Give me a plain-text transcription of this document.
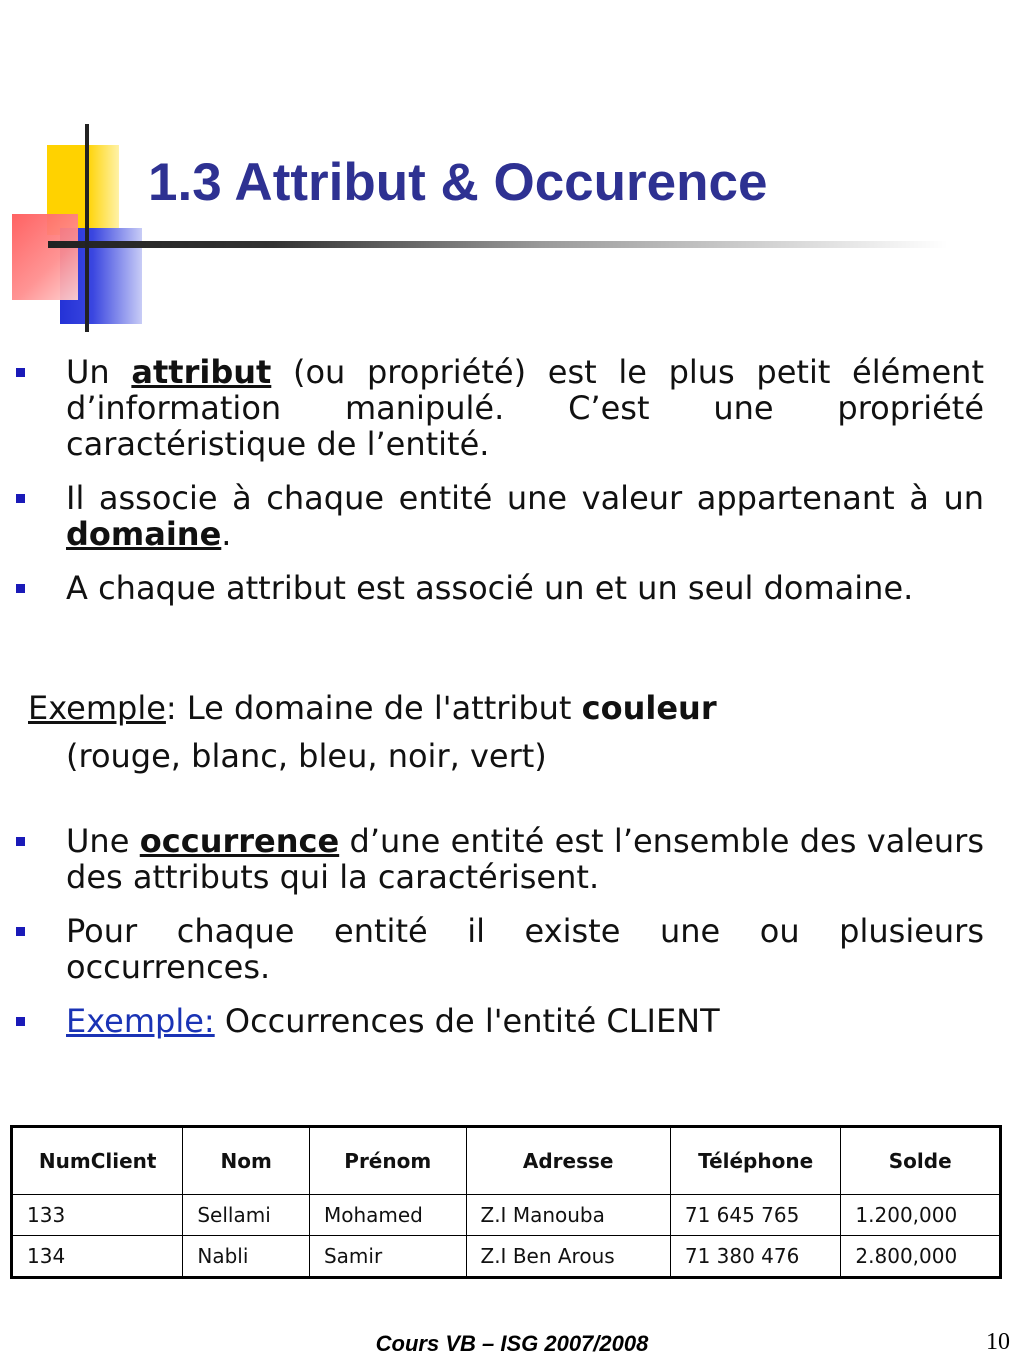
1.3 Attribut & Occurence
Un attribut (ou propriété) est le plus petit élément d’information manipulé. C’est une propriété caractéristique de l’entité.
Il associe à chaque entité une valeur appartenant à un domaine.
A chaque attribut est associé un et un seul domaine.

Exemple: Le domaine de l'attribut couleur
(rouge, blanc, bleu, noir, vert)

Une occurrence d’une entité est l’ensemble des valeurs des attributs qui la caractérisent.
Pour chaque entité il existe une ou plusieurs occurrences.
Exemple: Occurrences de l'entité CLIENT
NumClient	Nom	Prénom	Adresse	Téléphone	Solde
133	Sellami	Mohamed	Z.I Manouba	71 645 765	1.200,000
134	Nabli	Samir	Z.I Ben Arous	71 380 476	2.800,000
Cours VB – ISG 2007/2008	10
